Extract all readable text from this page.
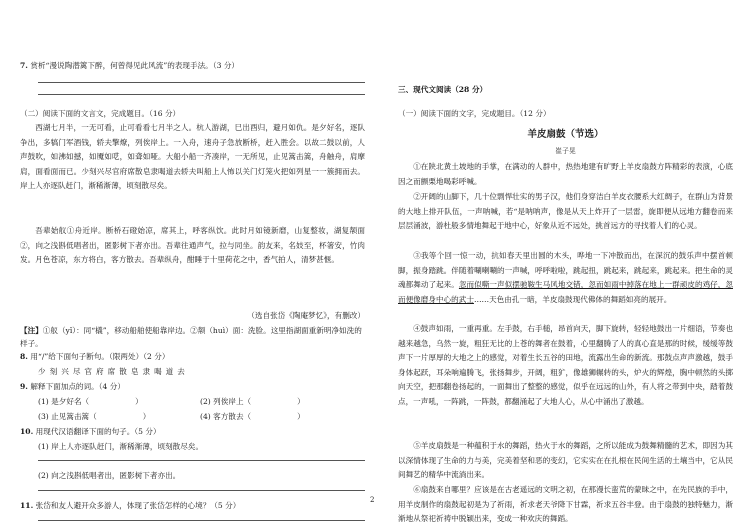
7. 赏析“漫说陶潜篱下醉，何曾得见此风流”的表现手法。（3 分）
（二）阅读下面的文言文，完成题目。（16 分）
西湖七月半，一无可看，止可看看七月半之人。杭人游湖，巳出酉归，避月如仇。是夕好名，逐队争出，多犒门军酒钱，轿夫擎燎，列俟岸上。一入舟，速舟子急放断桥，赶入胜会。以故二鼓以前，人声鼓吹，如沸如撼，如魇如呓，如聋如哑。大船小船一齐凑岸，一无所见，止见篙击篙，舟触舟，肩摩肩，面看面而已。少刻兴尽官府席散皂隶喝道去轿夫叫船上人怖以关门灯笼火把如列星一一簇拥而去。岸上人亦逐队赶门，渐稀渐薄，顷刻散尽矣。
吾辈始舣①舟近岸。断桥石磴始凉，席其上，呼客纵饮。此时月如镜新磨，山复整妆，湖复颒面②，向之浅斟低唱者出，匿影树下者亦出。吾辈往通声气，拉与同坐。韵友来，名妓至，杯箸安，竹肉发。月色苍凉，东方将白，客方散去。吾辈纵舟，酣睡于十里荷花之中，香气拍人，清梦甚惬。
（选自张岱《陶庵梦忆》，有删改）
【注】①舣（yǐ）：同“檥”，移动船舶使船靠岸边。②颒（huì）面：洗脸。这里指湖面重新明净如洗的样子。
8. 用“/”给下面句子断句。（限两处）（2 分）
少 刻 兴 尽 官 府 席 散 皂 隶 喝 道 去
9. 解释下面加点的词。（4 分）
(1) 是夕好名（	）	(2) 列俟岸上（	）
(3) 止见篙击篙（	）	(4) 客方散去（	）
10. 用现代汉语翻译下面的句子。（5 分）
(1) 岸上人亦逐队赶门，渐稀渐薄，顷刻散尽矣。
(2) 向之浅斟低唱者出，匿影树下者亦出。
11. 张岱和友人避开众多游人，体现了张岱怎样的心境？（5 分）
三、现代文阅读（28 分）
（一）阅读下面的文字，完成题目。（12 分）
羊皮扇鼓（节选）
崔子晃
①在陕北黄土坡地的手掌，在满动的人群中，热热地建有旷野上羊皮扇鼓方阵精彩的表演，心底因之而颤栗地喝彩呼喊。
②开阔的山脚下，几十位剽悍壮实的男子汉，他们身穿洁白羊皮衣腰系大红绸子，在群山为背景的大地上排开队伍，一声呐喊，若“是呐呐声，像是从天上炸开了一层雷，旋即便从远地方翻卷而来层层涌波，游杜般多情地舞起于地中心，好象从近不远处，挑首远方的寻找着人们的心灵。
③我等个回一惊一动，抗如春天里出圆的木头，哗地一下冲散而出，在深沉的鼓乐声中摆首顿脚，振身踏跳。伴随着唰喇唰的一声喊，呼呼啦啦，跳起扭，跳起来，跳起来，跳起来。把生命的灵魂都舞动了起来。忽而似嘶一声似摆驰鞍生马风地交错，忽而如雨中掉落在地上一群顽皮的鸡仔，忽而便像磨身中心的武士……天色由孔一暗，羊皮扇鼓现代佛体的舞蹈如亮的展开。
④鼓声如雨，一重再重。左手鼓，右手槌，昂首向天，脚下旋转，轻轻地鼓出一片细语，节奏也越来越急，乌然一旋，粗狂无比的上苍的舞者在鼓着，心里翻腾了人的真心直是那的时候，缓缓等鼓声下一片厚厚的大地之上的感觉，对着生长五谷的田地，流露出生命的新流。那鼓点声声激越，鼓手身体起跃，耳朵响遍腾飞，张扬舞步，开阔，粗犷，像雄狮辗转的头，炉火的辉煌，胸中顿然的头掷向天空，把那翻卷扬起的，一面舞出了整整的感觉，似乎在远远的山外，有人将之带到中央，踏着鼓点，一声吼，一阵跳，一阵鼓，都翻涌起了大地人心，从心中涌出了激越。
⑤羊皮扇鼓是一种蕴积于水的舞蹈，热火于水的舞蹈，之所以能成为鼓舞精髓的艺术，即因为其以深情体现了生命的力与美，完美着坚和恶的变幻，它实实在在扎根在民间生活的土壤当中，它从民间舞艺的精华中流淌出来。
⑥扇鼓来自哪里？应该是在古老遥远的文明之初，在那漫长蛮荒的蒙昧之中，在先民族的手中，用羊皮制作的扇鼓起初是为了祈雨，祈求老天爷降下甘霖，祈求五谷丰登。由于扇鼓的独特魅力，渐渐地从祭祀祈祷中脱颖出来，变成一种欢庆的舞蹈。
2
